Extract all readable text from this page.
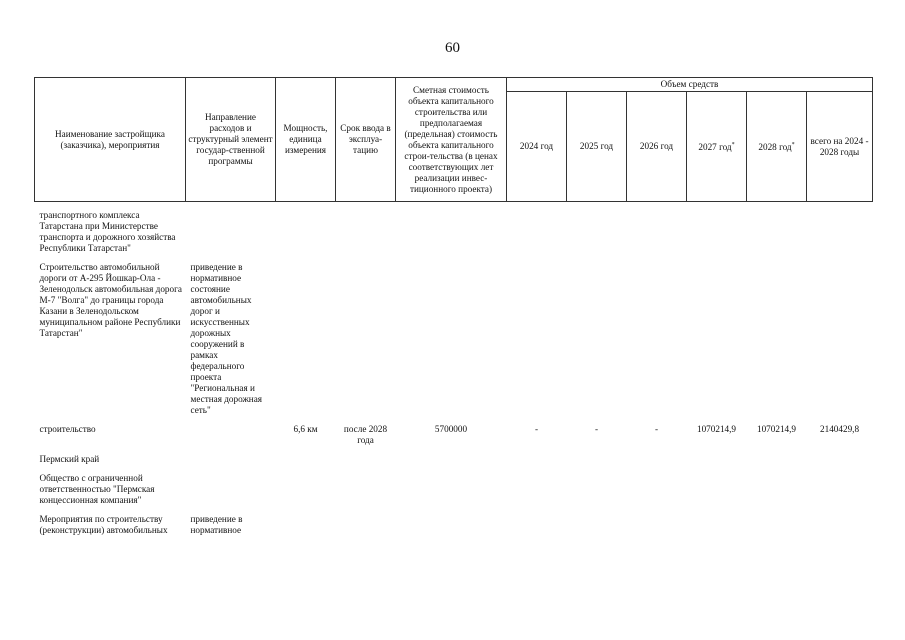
60
Наименование застройщика (заказчика), мероприятия	Направление расходов и структурный элемент государ-ственной программы	Мощность, единица измерения	Срок ввода в эксплуа-тацию	Сметная стоимость объекта капитального строительства или предполагаемая (предельная) стоимость объекта капитального строи-тельства (в ценах соответствующих лет реализации инвес-тиционного проекта)	Объем средств					
					2024 год	2025 год	2026 год	2027 год*	2028 год*	всего на 2024 - 2028 годы

транспортного комплекса Татарстана при Министерстве транспорта и дорожного хозяйства Республики Татарстан"										

Строительство автомобильной дороги от А-295 Йошкар-Ола - Зеленодольск автомобильная дорога М-7 "Волга" до границы города Казани в Зеленодольском муниципальном районе Республики Татарстан"	приведение в нормативное состояние автомобильных дорог и искусственных дорожных сооружений в рамках федерального проекта "Региональная и местная дорожная сеть"									

строительство		6,6 км	после 2028 года	5700000	-	-	-	1070214,9	1070214,9	2140429,8

Пермский край										

Общество с ограниченной ответственностью "Пермская концессионная компания"										

Мероприятия по строительству (реконструкции) автомобильных	приведение в нормативное									
